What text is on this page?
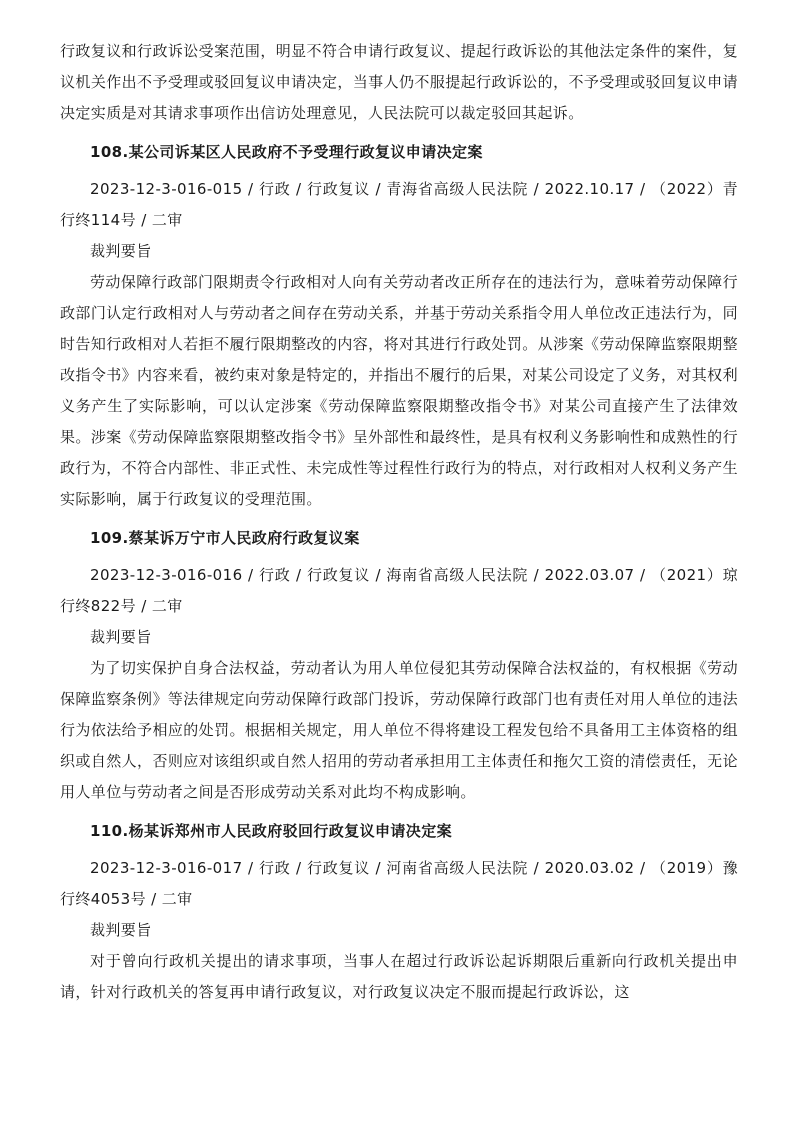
行政复议和行政诉讼受案范围，明显不符合申请行政复议、提起行政诉讼的其他法定条件的案件，复议机关作出不予受理或驳回复议申请决定，当事人仍不服提起行政诉讼的，不予受理或驳回复议申请决定实质是对其请求事项作出信访处理意见，人民法院可以裁定驳回其起诉。

108.某公司诉某区人民政府不予受理行政复议申请决定案

2023-12-3-016-015 / 行政 / 行政复议 / 青海省高级人民法院 / 2022.10.17 / （2022）青行终114号 / 二审

裁判要旨

劳动保障行政部门限期责令行政相对人向有关劳动者改正所存在的违法行为，意味着劳动保障行政部门认定行政相对人与劳动者之间存在劳动关系，并基于劳动关系指令用人单位改正违法行为，同时告知行政相对人若拒不履行限期整改的内容，将对其进行行政处罚。从涉案《劳动保障监察限期整改指令书》内容来看，被约束对象是特定的，并指出不履行的后果，对某公司设定了义务，对其权利义务产生了实际影响，可以认定涉案《劳动保障监察限期整改指令书》对某公司直接产生了法律效果。涉案《劳动保障监察限期整改指令书》呈外部性和最终性，是具有权利义务影响性和成熟性的行政行为，不符合内部性、非正式性、未完成性等过程性行政行为的特点，对行政相对人权利义务产生实际影响，属于行政复议的受理范围。

109.蔡某诉万宁市人民政府行政复议案

2023-12-3-016-016 / 行政 / 行政复议 / 海南省高级人民法院 / 2022.03.07 / （2021）琼行终822号 / 二审

裁判要旨

为了切实保护自身合法权益，劳动者认为用人单位侵犯其劳动保障合法权益的，有权根据《劳动保障监察条例》等法律规定向劳动保障行政部门投诉，劳动保障行政部门也有责任对用人单位的违法行为依法给予相应的处罚。根据相关规定，用人单位不得将建设工程发包给不具备用工主体资格的组织或自然人，否则应对该组织或自然人招用的劳动者承担用工主体责任和拖欠工资的清偿责任，无论用人单位与劳动者之间是否形成劳动关系对此均不构成影响。

110.杨某诉郑州市人民政府驳回行政复议申请决定案

2023-12-3-016-017 / 行政 / 行政复议 / 河南省高级人民法院 / 2020.03.02 / （2019）豫行终4053号 / 二审

裁判要旨

对于曾向行政机关提出的请求事项，当事人在超过行政诉讼起诉期限后重新向行政机关提出申请，针对行政机关的答复再申请行政复议，对行政复议决定不服而提起行政诉讼，这
